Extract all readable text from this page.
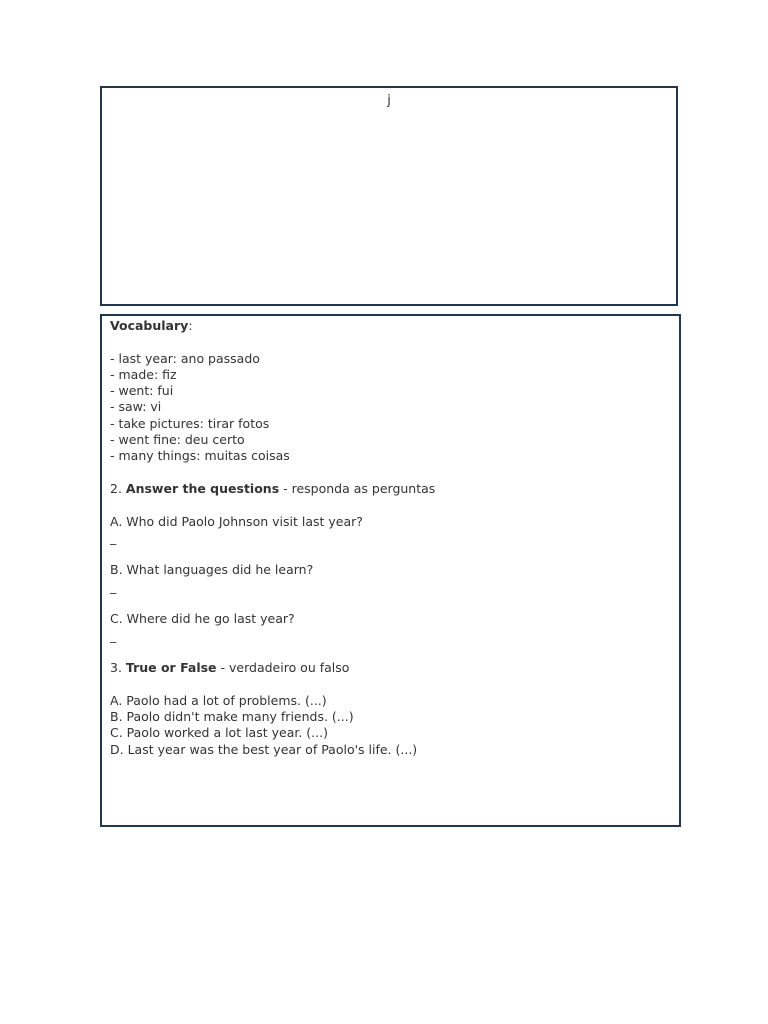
j
Vocabulary:
- last year: ano passado
- made: fiz
- went: fui
- saw: vi
- take pictures: tirar fotos
- went fine: deu certo
- many things: muitas coisas
2. Answer the questions - responda as perguntas
A. Who did Paolo Johnson visit last year?
_
B. What languages did he learn?
_
C. Where did he go last year?
_
3. True or False - verdadeiro ou falso
A. Paolo had a lot of problems. (...)
B. Paolo didn't make many friends. (...)
C. Paolo worked a lot last year. (...)
D. Last year was the best year of Paolo's life. (...)
